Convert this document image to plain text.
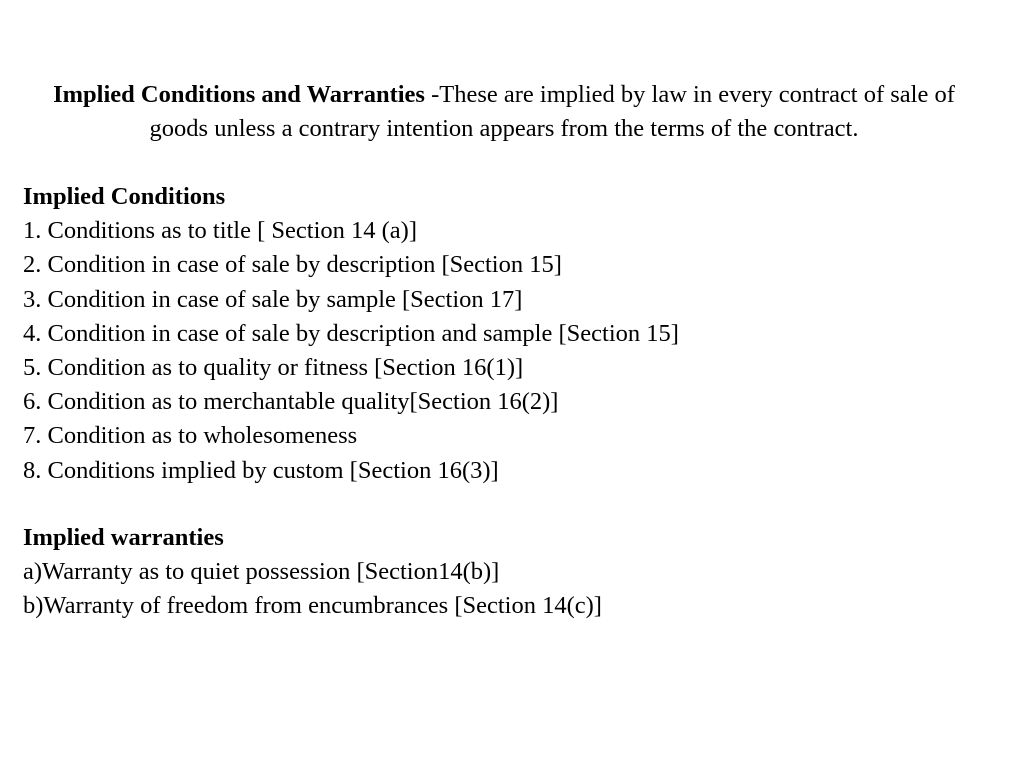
Implied Conditions and Warranties -These are implied by law in every contract of sale of goods unless a contrary intention appears from the terms of the contract.
Implied Conditions
1. Conditions as to title [ Section 14 (a)]
2. Condition in case of sale by description [Section 15]
3. Condition in case of sale by sample [Section 17]
4. Condition in case of sale by description and sample [Section 15]
5. Condition as to quality or fitness [Section 16(1)]
6. Condition as to merchantable quality[Section 16(2)]
7. Condition as to wholesomeness
8. Conditions implied by custom [Section 16(3)]
Implied warranties
a)Warranty as to quiet possession [Section14(b)]
b)Warranty of freedom from encumbrances [Section 14(c)]
